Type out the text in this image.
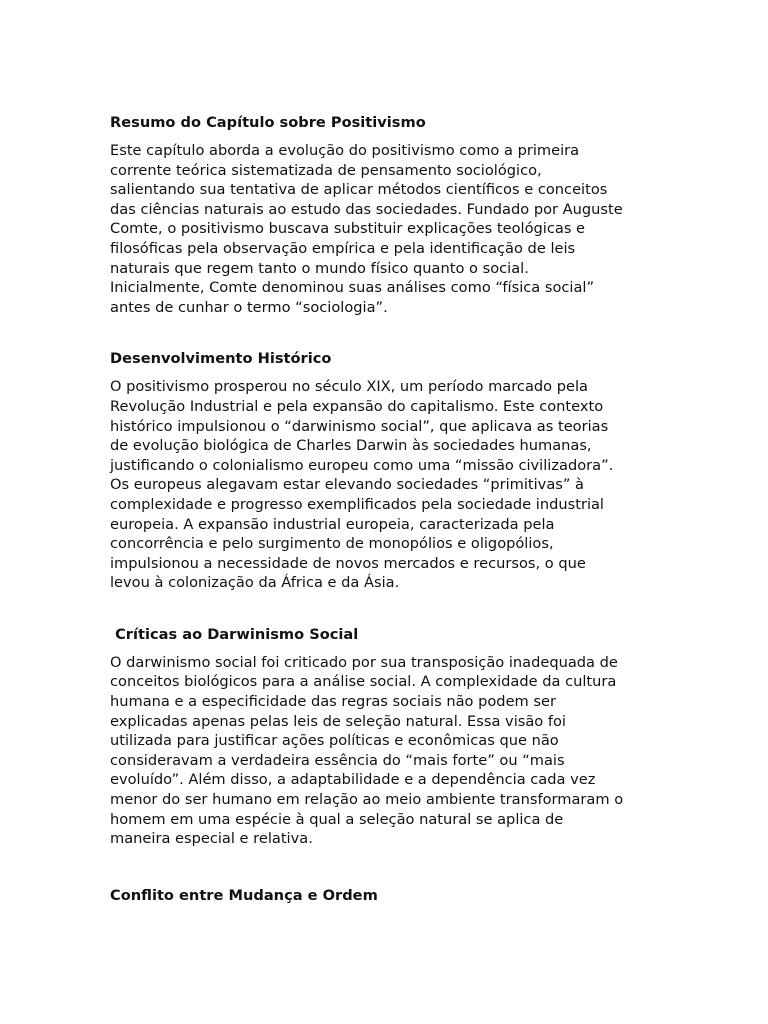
Resumo do Capítulo sobre Positivismo
Este capítulo aborda a evolução do positivismo como a primeira
corrente teórica sistematizada de pensamento sociológico,
salientando sua tentativa de aplicar métodos científicos e conceitos
das ciências naturais ao estudo das sociedades. Fundado por Auguste
Comte, o positivismo buscava substituir explicações teológicas e
filosóficas pela observação empírica e pela identificação de leis
naturais que regem tanto o mundo físico quanto o social.
Inicialmente, Comte denominou suas análises como “física social”
antes de cunhar o termo “sociologia”.
Desenvolvimento Histórico
O positivismo prosperou no século XIX, um período marcado pela
Revolução Industrial e pela expansão do capitalismo. Este contexto
histórico impulsionou o “darwinismo social”, que aplicava as teorias
de evolução biológica de Charles Darwin às sociedades humanas,
justificando o colonialismo europeu como uma “missão civilizadora”.
Os europeus alegavam estar elevando sociedades “primitivas” à
complexidade e progresso exemplificados pela sociedade industrial
europeia. A expansão industrial europeia, caracterizada pela
concorrência e pelo surgimento de monopólios e oligopólios,
impulsionou a necessidade de novos mercados e recursos, o que
levou à colonização da África e da Ásia.
Críticas ao Darwinismo Social
O darwinismo social foi criticado por sua transposição inadequada de
conceitos biológicos para a análise social. A complexidade da cultura
humana e a especificidade das regras sociais não podem ser
explicadas apenas pelas leis de seleção natural. Essa visão foi
utilizada para justificar ações políticas e econômicas que não
consideravam a verdadeira essência do “mais forte” ou “mais
evoluído”. Além disso, a adaptabilidade e a dependência cada vez
menor do ser humano em relação ao meio ambiente transformaram o
homem em uma espécie à qual a seleção natural se aplica de
maneira especial e relativa.
Conflito entre Mudança e Ordem
